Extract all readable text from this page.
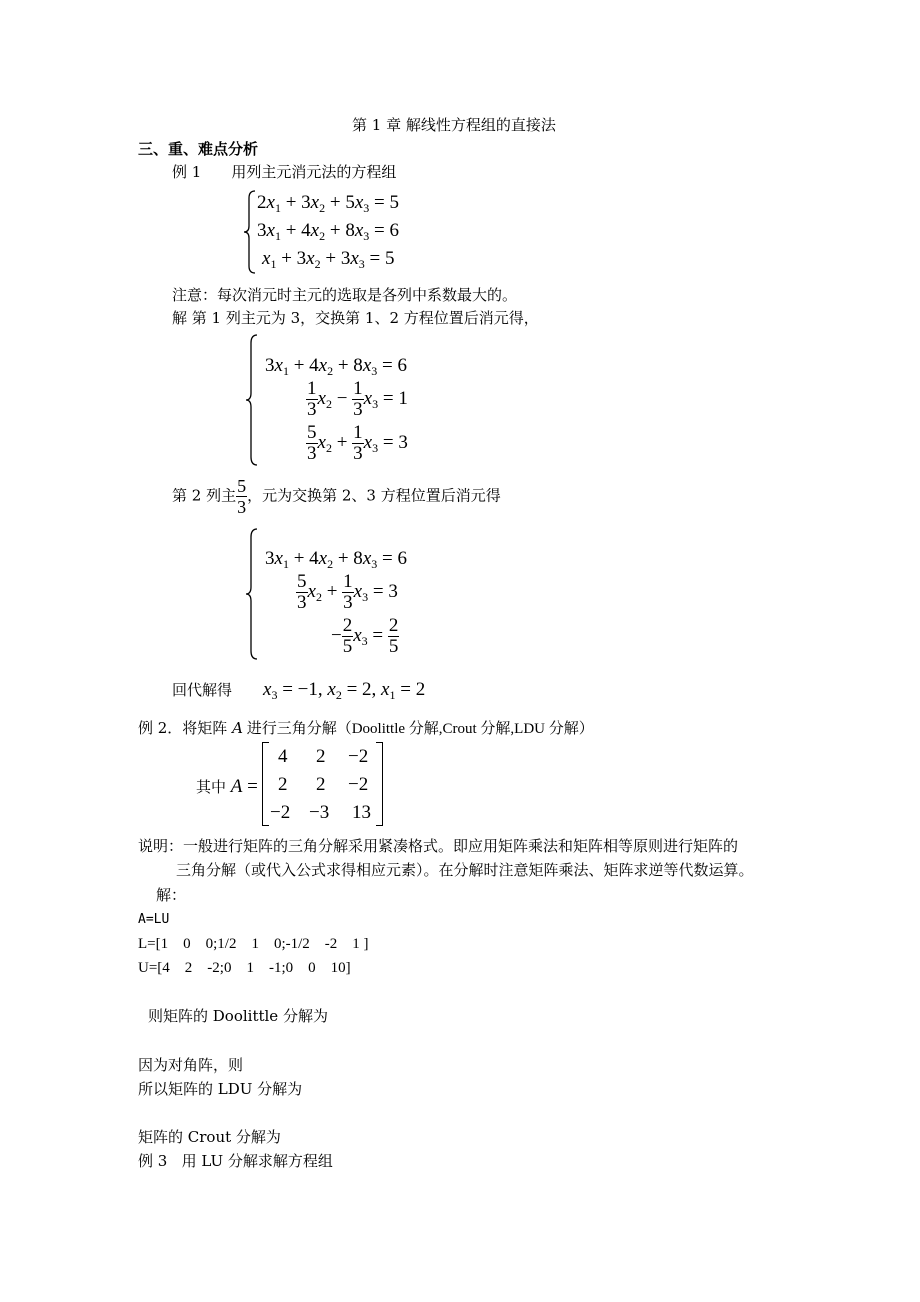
第 1 章 解线性方程组的直接法
三、重、难点分析
例 1 用列主元消元法的方程组
$2x_1 + 3x_2 + 5x_3 = 5$
$3x_1 + 4x_2 + 8x_3 = 6$
$x_1 + 3x_2 + 3x_3 = 5$
注意：每次消元时主元的选取是各列中系数最大的。
解 第 1 列主元为 3，交换第 1、2 方程位置后消元得，
$3x_1 + 4x_2 + 8x_3 = 6$
$\frac{1}{3} x_2 - \frac{1}{3} x_3 = 1$
$\frac{5}{3} x_2 + \frac{1}{3} x_3 = 3$
第 2 列主 $\frac{5}{3}$ ，元为交换第 2、3 方程位置后消元得
$3x_1 + 4x_2 + 8x_3 = 6$
$\frac{5}{3} x_2 + \frac{1}{3} x_3 = 3$
− $\frac{2}{5} x_3 = \frac{2}{5}$
回代解得 $x_3 = -1$, $x_2 = 2$, $x_1 = 2$
例 2．将矩阵 A 进行三角分解（Doolittle 分解,Crout 分解,LDU 分解）
其中 A =
4 2 −2
2 2 −2
−2 −3 13
说明：一般进行矩阵的三角分解采用紧凑格式。即应用矩阵乘法和矩阵相等原则进行矩阵的
三角分解（或代入公式求得相应元素）。在分解时注意矩阵乘法、矩阵求逆等代数运算。
解：
A=LU
L=[1    0    0;1/2    1    0;-1/2    -2    1 ]
U=[4    2    -2;0    1    -1;0    0    10]
则矩阵的 Doolittle 分解为
因为对角阵，则
所以矩阵的 LDU 分解为
矩阵的 Crout 分解为
例 3   用 LU 分解求解方程组
